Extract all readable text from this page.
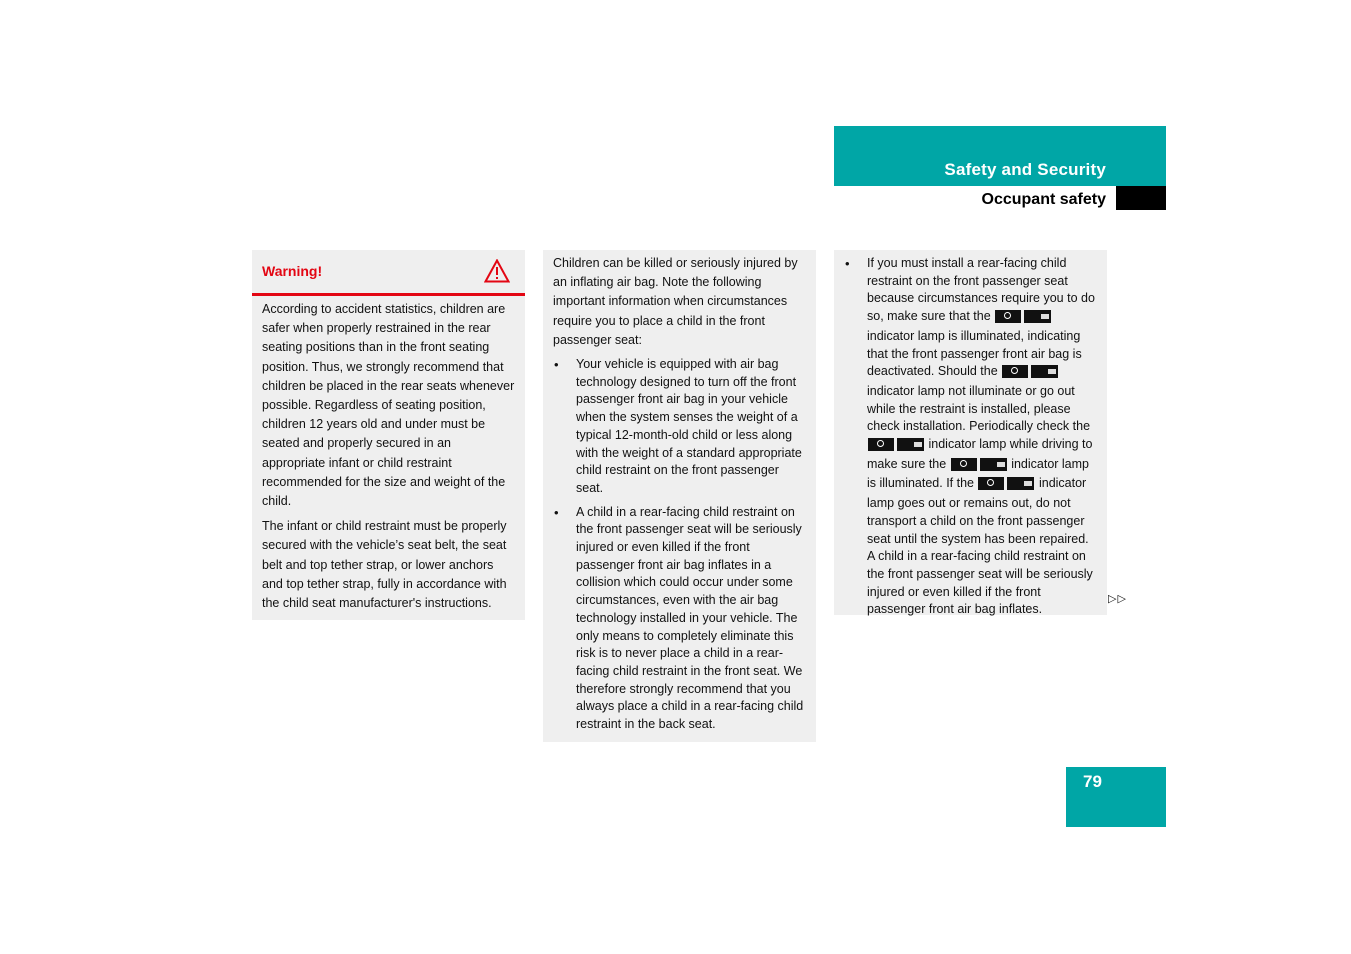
Safety and Security
Occupant safety
Warning!

According to accident statistics, children are safer when properly restrained in the rear seating positions than in the front seating position. Thus, we strongly recommend that children be placed in the rear seats whenever possible. Regardless of seating position, children 12 years old and under must be seated and properly secured in an appropriate infant or child restraint recommended for the size and weight of the child.

The infant or child restraint must be properly secured with the vehicle’s seat belt, the seat belt and top tether strap, or lower anchors and top tether strap, fully in accordance with the child seat manufacturer's instructions.

Children can be killed or seriously injured by an inflating air bag. Note the following important information when circumstances require you to place a child in the front passenger seat:

• Your vehicle is equipped with air bag technology designed to turn off the front passenger front air bag in your vehicle when the system senses the weight of a typical 12-month-old child or less along with the weight of a standard appropriate child restraint on the front passenger seat.
• A child in a rear-facing child restraint on the front passenger seat will be seriously injured or even killed if the front passenger front air bag inflates in a collision which could occur under some circumstances, even with the air bag technology installed in your vehicle. The only means to completely eliminate this risk is to never place a child in a rear-facing child restraint in the front seat. We therefore strongly recommend that you always place a child in a rear-facing child restraint in the back seat.
• If you must install a rear-facing child restraint on the front passenger seat because circumstances require you to do so, make sure that the  indicator lamp is illuminated, indicating that the front passenger front air bag is deactivated. Should the  indicator lamp not illuminate or go out while the restraint is installed, please check installation. Periodically check the  indicator lamp while driving to make sure the	indicator lamp is illuminated. If the	indicator lamp goes out or remains out, do not transport a child on the front passenger seat until the system has been repaired. A child in a rear-facing child restraint on the front passenger seat will be seriously injured or even killed if the front passenger front air bag inflates.
▷▷
79
